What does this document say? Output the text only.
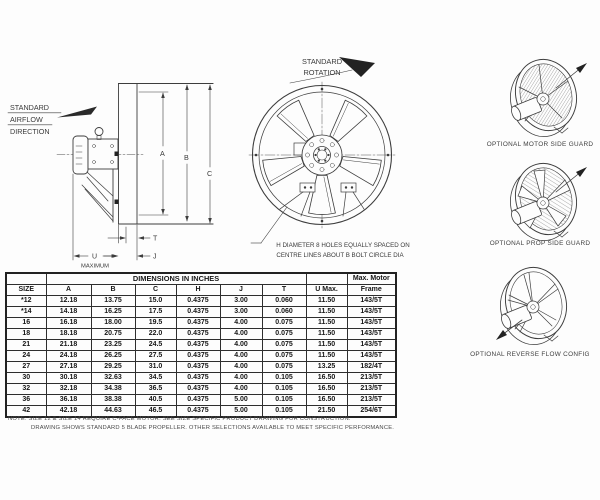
STANDARD
AIRFLOW
DIRECTION
A	B
C
T
J
U
MAXIMUM
STANDARD
ROTATION
H DIAMETER 8 HOLES EQUALLY SPACED ON
CENTRE LINES ABOUT B BOLT CIRCLE DIA
OPTIONAL MOTOR SIDE GUARD
OPTIONAL PROP SIDE GUARD
OPTIONAL REVERSE FLOW CONFIG
	DIMENSIONS IN INCHES							Max. Motor
SIZE	A	B	C	H	J	T	U Max.	Frame
*12	12.18	13.75	15.0	0.4375	3.00	0.060	11.50	143/5T
*14	14.18	16.25	17.5	0.4375	3.00	0.060	11.50	143/5T
16	16.18	18.00	19.5	0.4375	4.00	0.075	11.50	143/5T
18	18.18	20.75	22.0	0.4375	4.00	0.075	11.50	143/5T
21	21.18	23.25	24.5	0.4375	4.00	0.075	11.50	143/5T
24	24.18	26.25	27.5	0.4375	4.00	0.075	11.50	143/5T
27	27.18	29.25	31.0	0.4375	4.00	0.075	13.25	182/4T
30	30.18	32.63	34.5	0.4375	4.00	0.105	16.50	213/5T
32	32.18	34.38	36.5	0.4375	4.00	0.105	16.50	213/5T
36	36.18	38.38	40.5	0.4375	5.00	0.105	16.50	213/5T
42	42.18	44.63	46.5	0.4375	5.00	0.105	21.50	254/6T
NOTE: SIZE 12 & SIZE 14 REQUIRE C-FACE MOTOR. SEE SIZE SPECIFIC PRODUCT DRAWING FOR CONSTRUCTION.
DRAWING SHOWS STANDARD 5 BLADE PROPELLER. OTHER SELECTIONS AVAILABLE TO MEET SPECIFIC PERFORMANCE.
